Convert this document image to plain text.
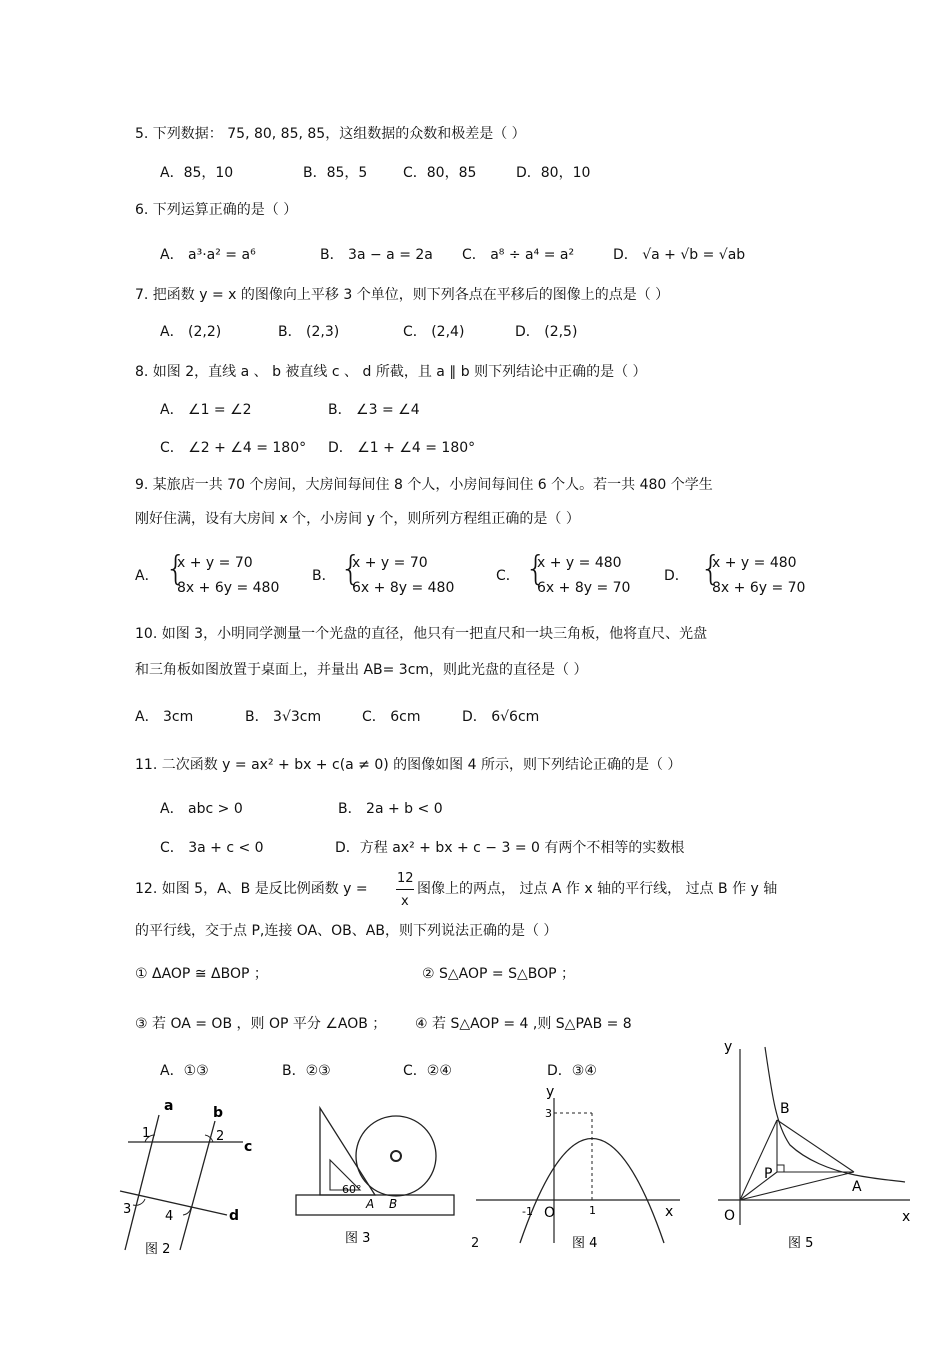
5. 下列数据： 75, 80, 85, 85，这组数据的众数和极差是（ ）
A．85，10	B．85，5	C．80，85	D．80，10
6. 下列运算正确的是（ ）
A． a³⋅a² = a⁶	B． 3a − a = 2a C． a⁸ ÷ a⁴ = a²	D． √a + √b = √ab
7. 把函数 y = x 的图像向上平移 3 个单位，则下列各点在平移后的图像上的点是（ ）
A． (2,2)	B． (2,3)	C． (2,4)	D． (2,5)
8. 如图 2，直线 a 、 b 被直线 c 、 d 所截，且 a ∥ b 则下列结论中正确的是（ ）
A． ∠1 = ∠2	B． ∠3 = ∠4
C． ∠2 + ∠4 = 180° D． ∠1 + ∠4 = 180°
9. 某旅店一共 70 个房间，大房间每间住 8 个人，小房间每间住 6 个人。若一共 480 个学生
刚好住满，设有大房间 x 个，小房间 y 个，则所列方程组正确的是（ ）
A． {
x + y = 70
8x + 6y = 480
B． {
x + y = 70
6x + 8y = 480
C． {
x + y = 480
6x + 8y = 70
D． {
x + y = 480
8x + 6y = 70
10. 如图 3，小明同学测量一个光盘的直径，他只有一把直尺和一块三角板，他将直尺、光盘
和三角板如图放置于桌面上，并量出 AB= 3cm，则此光盘的直径是（ ）
A． 3cm	B． 3√3cm	C． 6cm	D． 6√6cm
11. 二次函数 y = ax² + bx + c(a ≠ 0) 的图像如图 4 所示，则下列结论正确的是（ ）
A． abc > 0	B． 2a + b < 0
C． 3a + c < 0	D．方程 ax² + bx + c − 3 = 0 有两个不相等的实数根
12. 如图 5，A、B 是反比例函数 y =
12
x
图像上的两点， 过点 A 作 x 轴的平行线， 过点 B 作 y 轴
的平行线，交于点 P,连接 OA、OB、AB，则下列说法正确的是（ ）
① ΔAOP ≅ ΔBOP ；	② S△AOP = S△BOP ；
③ 若 OA = OB ，则 OP 平分 ∠AOB ； ④ 若 S△AOP = 4 ,则 S△PAB = 8
A．①③	B．②③	C．②④	D．③④
a	b
c
d
1	2
3	4
图 2
60°
A B
图 3	2
y
x
3
-1 O	1
图 4
y
x
O
B
P
A
图 5
